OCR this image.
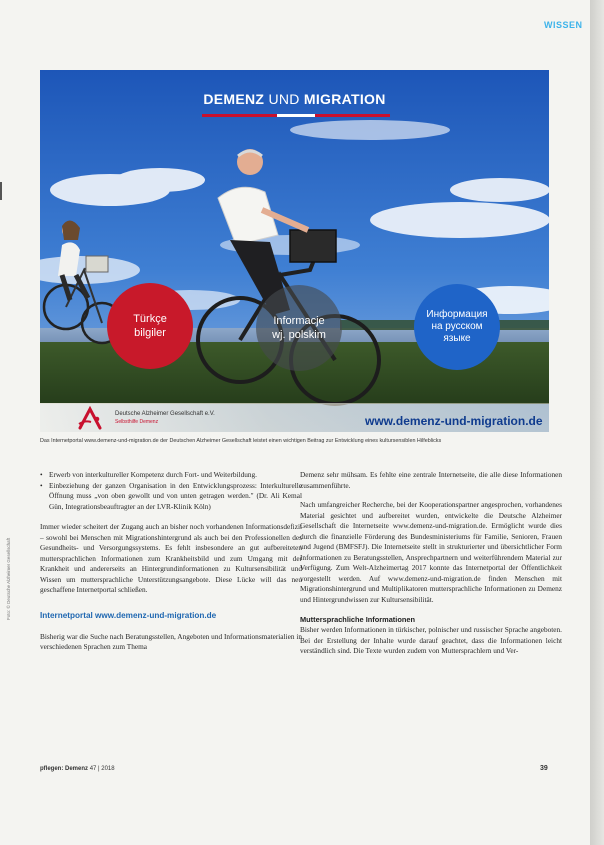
WISSEN
DEMENZ UND MIGRATION
Türkçe
bilgiler
Informacje
wj. polskim
Информация
на русском
языке
Deutsche Alzheimer Gesellschaft e.V.
Selbsthilfe Demenz	www.demenz-und-migration.de
Das Internetportal www.demenz-und-migration.de der Deutschen Alzheimer Gesellschaft leistet einen wichtigen Beitrag zur Entwicklung eines kultursensiblen Hilfeblicks
• Erwerb von interkultureller Kompetenz durch Fort- und Weiterbildung.
• Einbeziehung der ganzen Organisation in den Entwicklungsprozess: Interkulturelle Öffnung muss „von oben gewollt und von unten getragen werden." (Dr. Ali Kemal Gün, Integrationsbeauftragter an der LVR-Klinik Köln)

Immer wieder scheitert der Zugang auch an bisher noch vorhandenen Informationsdefizit – sowohl bei Menschen mit Migrationshintergrund als auch bei den Professionellen des Gesundheits- und Versorgungssystems. Es fehlt insbesondere an gut aufbereiteten muttersprachlichen Informationen zum Krankheitsbild und zum Umgang mit der Krankheit und andererseits an Hintergrundinformationen zu Kultursensibilität und Wissen um muttersprachliche Unterstützungsangebote. Diese Lücke will das neu geschaffene Internetportal schließen.

Internetportal www.demenz-und-migration.de

Bisherig war die Suche nach Beratungsstellen, Angeboten und Informationsmaterialien in verschiedenen Sprachen zum Thema

Demenz sehr mühsam. Es fehlte eine zentrale Internetseite, die alle diese Informationen zusammenführte.

Nach umfangreicher Recherche, bei der Kooperationspartner angesprochen, vorhandenes Material gesichtet und aufbereitet wurden, entwickelte die Deutsche Alzheimer Gesellschaft die Internetseite www.demenz-und-migration.de. Ermöglicht wurde dies durch die finanzielle Förderung des Bundesministeriums für Familie, Senioren, Frauen und Jugend (BMFSFJ). Die Internetseite stellt in strukturierter und übersichtlicher Form Informationen zu Beratungsstellen, Ansprechpartnern und weiterführendem Material zur Verfügung. Zum Welt-Alzheimertag 2017 konnte das Internetportal der Öffentlichkeit vorgestellt werden. Auf www.demenz-und-migration.de finden Menschen mit Migrationshintergrund und Multiplikatoren muttersprachliche Informationen zu Demenz und Hintergrundwissen zur Kultursensibilität.

Muttersprachliche Informationen

Bisher werden Informationen in türkischer, polnischer und russischer Sprache angeboten. Bei der Erstellung der Inhalte wurde darauf geachtet, dass die Informationen leicht verständlich sind. Die Texte wurden zudem von Muttersprachlern und Ver-

pflegen: Demenz 47 | 2018	39
Foto: © Deutsche Alzheimer Gesellschaft
